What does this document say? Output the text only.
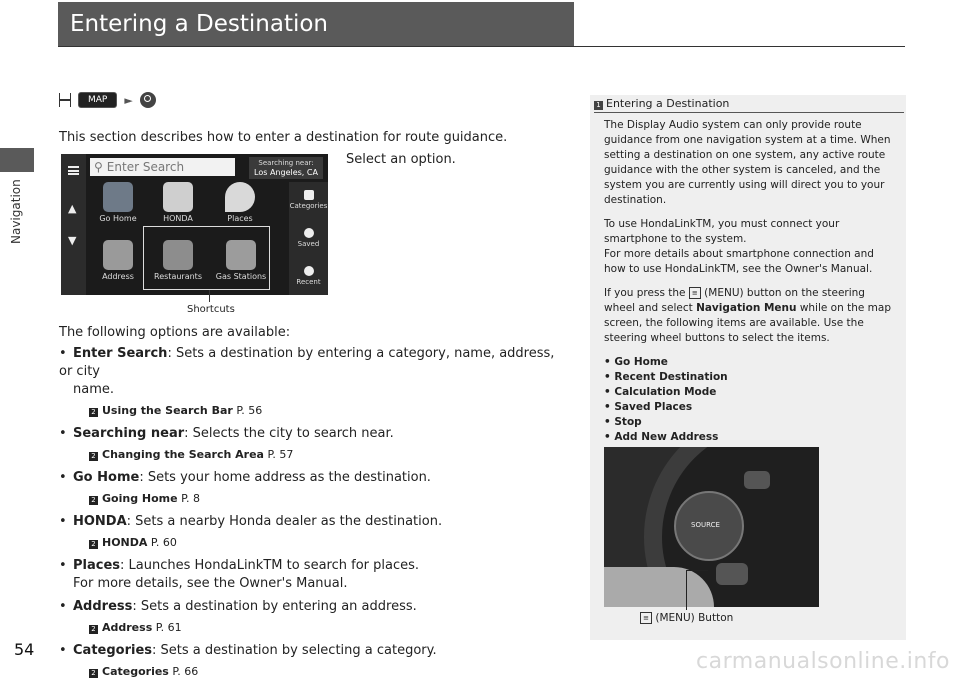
Entering a Destination
Navigation
MAP	►
This section describes how to enter a destination for route guidance.
Select an option.
▲
▼
⚲ Enter Search	Searching near:
Los Angeles, CA
Go Home	HONDA	Places
Address	Restaurants	Gas Stations
Categories
Saved
Recent
Shortcuts
The following options are available:
• Enter Search: Sets a destination by entering a category, name, address, or city
name.
2 Using the Search Bar P. 56
• Searching near: Selects the city to search near.
2 Changing the Search Area P. 57
• Go Home: Sets your home address as the destination.
2 Going Home P. 8
• HONDA: Sets a nearby Honda dealer as the destination.
2 HONDA P. 60
• Places: Launches HondaLinkTM to search for places.
For more details, see the Owner's Manual.
• Address: Sets a destination by entering an address.
2 Address P. 61
• Categories: Sets a destination by selecting a category.
2 Categories P. 66
1 Entering a Destination

The Display Audio system can only provide route guidance from one navigation system at a time. When setting a destination on one system, any active route guidance with the other system is canceled, and the system you are currently using will direct you to your destination.

To use HondaLinkTM, you must connect your smartphone to the system.
For more details about smartphone connection and how to use HondaLinkTM, see the Owner's Manual.

If you press the ≡ (MENU) button on the steering wheel and select Navigation Menu while on the map screen, the following items are available. Use the steering wheel buttons to select the items.

• Go Home
• Recent Destination
• Calculation Mode
• Saved Places
• Stop
• Add New Address
SOURCE
≡ (MENU) Button
54	carmanualsonline.info
